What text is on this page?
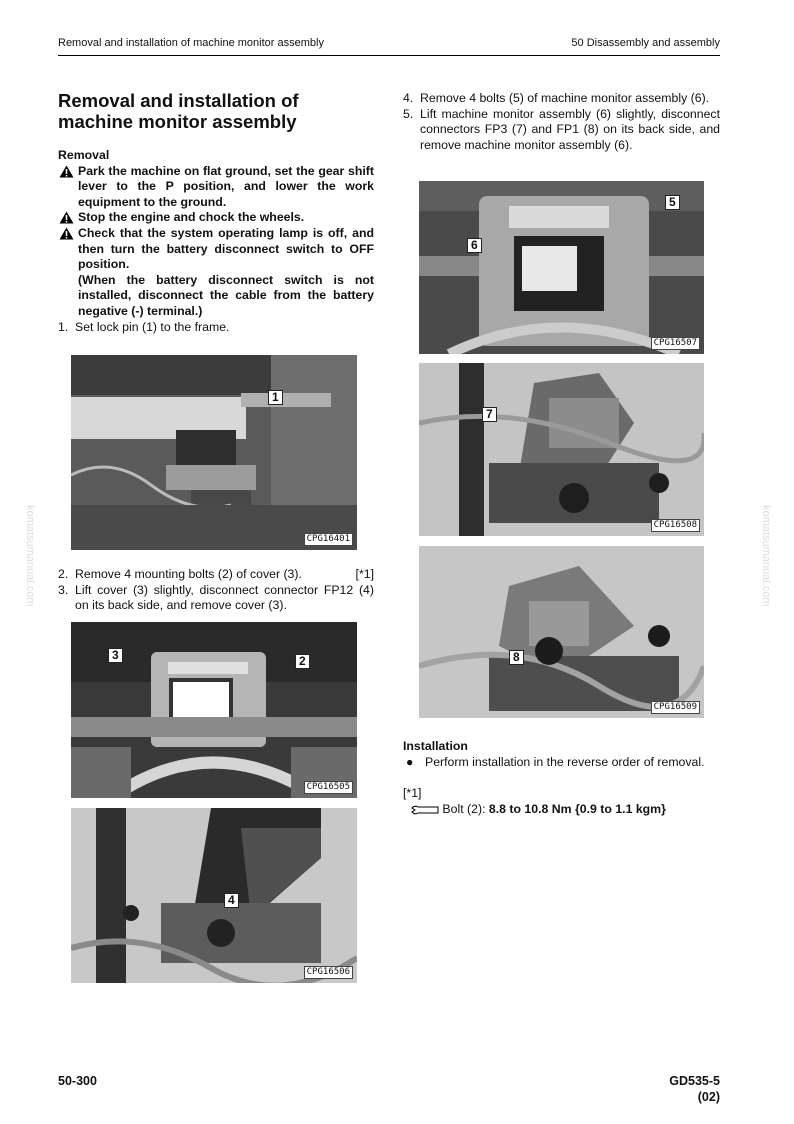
Removal and installation of machine monitor assembly	50 Disassembly and assembly
komatsumanual.com	komatsumanual.com
Removal and installation of
machine monitor assembly

Removal

Park the machine on flat ground, set the gear shift lever to the P position, and lower the work equipment to the ground.
Stop the engine and chock the wheels.
Check that the system operating lamp is off, and then turn the battery disconnect switch to OFF position.
(When the battery disconnect switch is not installed, disconnect the cable from the battery negative (-) terminal.)
1. Set lock pin (1) to the frame.
2.	[*1]
Remove 4 mounting bolts (2) of cover (3).
3. Lift cover (3) slightly, disconnect connector FP12 (4) on its back side, and remove cover (3).
1
CPG16401
3	2
CPG16505
4
CPG16506
4. Remove 4 bolts (5) of machine monitor assembly (6).
5. Lift machine monitor assembly (6) slightly, disconnect connectors FP3 (7) and FP1 (8) on its back side, and remove machine monitor assembly (6).
5
6
CPG16507
7
CPG16508
8
CPG16509

Installation

● Perform installation in the reverse order of removal.
[*1]
Bolt (2): 8.8 to 10.8 Nm {0.9 to 1.1 kgm}
50-300	GD535-5
(02)
